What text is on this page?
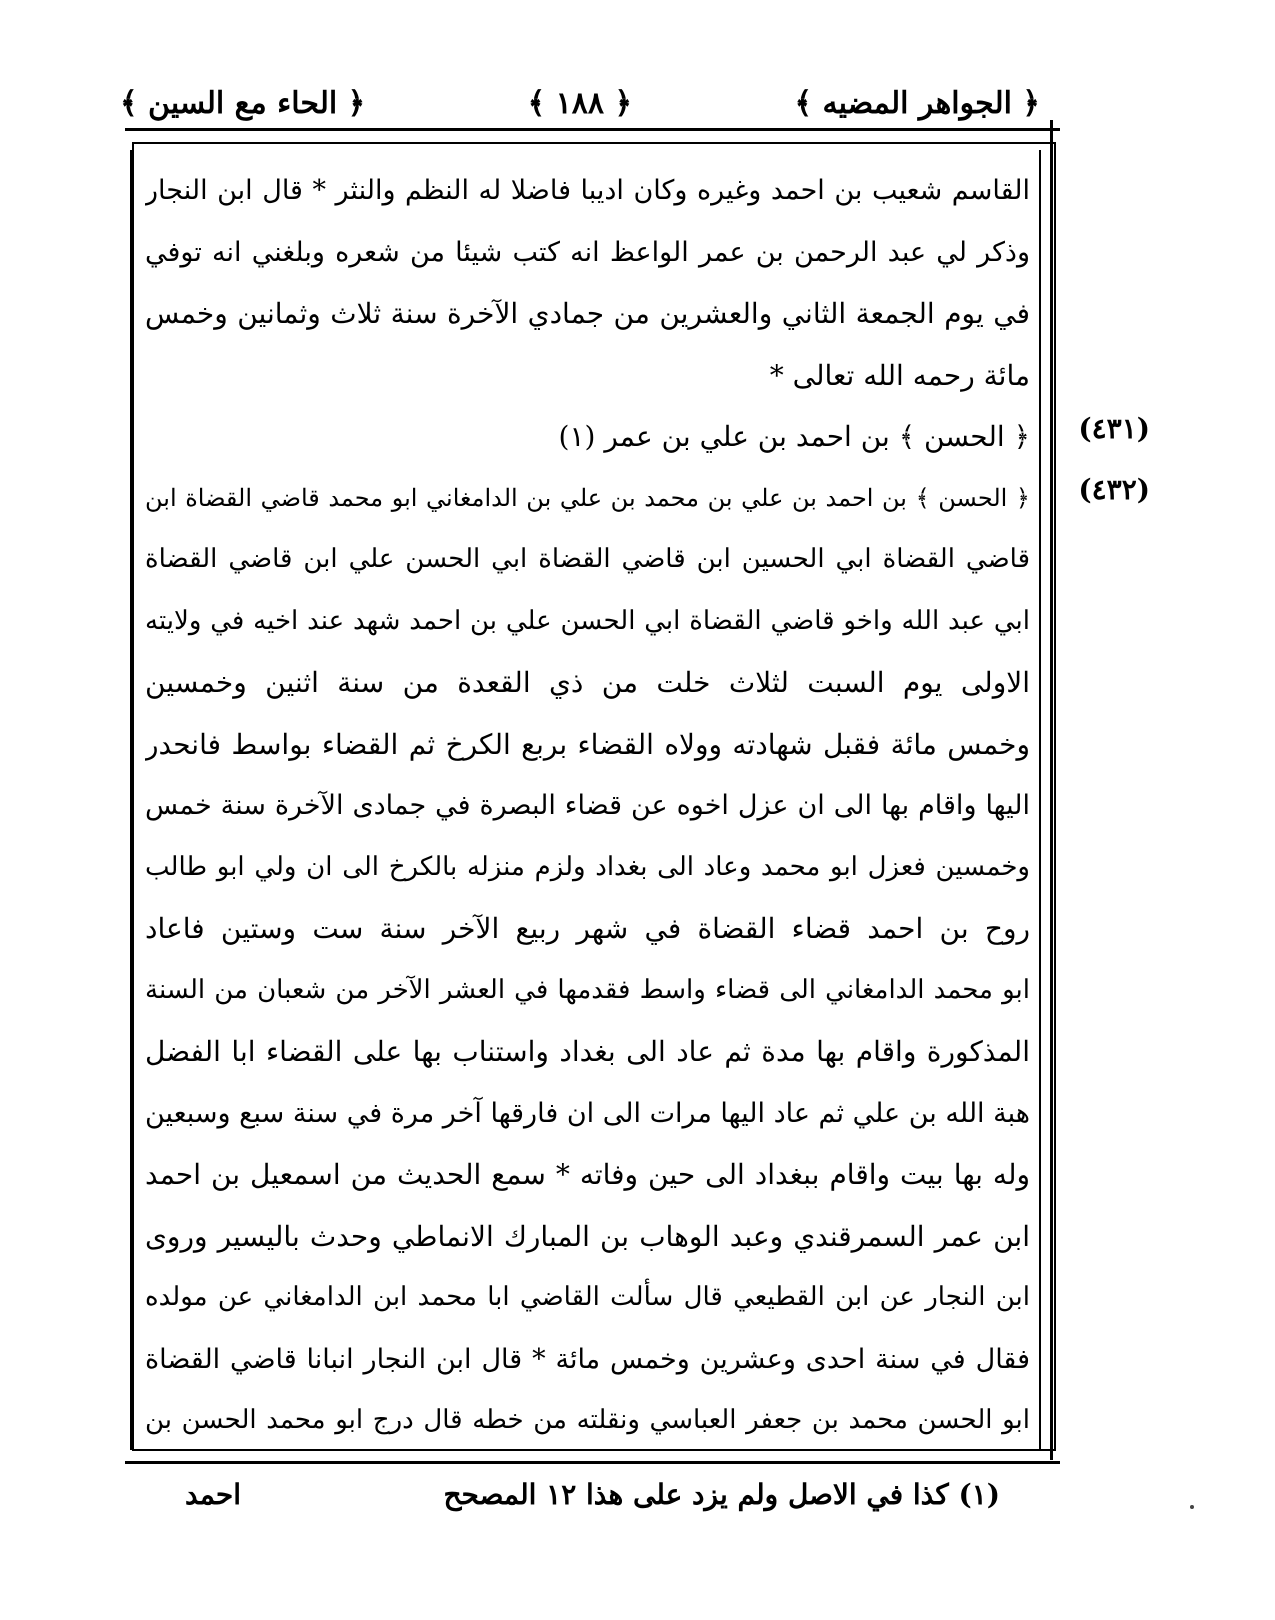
﴿ الجواهر المضيه ﴾
﴿ ١٨٨ ﴾
﴿ الحاء مع السين ﴾
(٤٣١)
(٤٣٢)
القاسم شعيب بن احمد وغيره وكان اديبا فاضلا له النظم والنثر * قال ابن النجار
وذكر لي عبد الرحمن بن عمر الواعظ انه كتب شيئا من شعره وبلغني انه توفي
في يوم الجمعة الثاني والعشرين من جمادي الآخرة سنة ثلاث وثمانين وخمس
مائة رحمه الله تعالى *
﴿ الحسن ﴾ بن احمد بن علي بن عمر (١)
﴿ الحسن ﴾ بن احمد بن علي بن محمد بن علي بن الدامغاني ابو محمد قاضي القضاة ابن
قاضي القضاة ابي الحسين ابن قاضي القضاة ابي الحسن علي ابن قاضي القضاة
ابي عبد الله واخو قاضي القضاة ابي الحسن علي بن احمد شهد عند اخيه في ولايته
الاولى يوم السبت لثلاث خلت من ذي القعدة من سنة اثنين وخمسين
وخمس مائة فقبل شهادته وولاه القضاء بربع الكرخ ثم القضاء بواسط فانحدر
اليها واقام بها الى ان عزل اخوه عن قضاء البصرة في جمادى الآخرة سنة خمس
وخمسين فعزل ابو محمد وعاد الى بغداد ولزم منزله بالكرخ الى ان ولي ابو طالب
روح بن احمد قضاء القضاة في شهر ربيع الآخر سنة ست وستين فاعاد
ابو محمد الدامغاني الى قضاء واسط فقدمها في العشر الآخر من شعبان من السنة
المذكورة واقام بها مدة ثم عاد الى بغداد واستناب بها على القضاء ابا الفضل
هبة الله بن علي ثم عاد اليها مرات الى ان فارقها آخر مرة في سنة سبع وسبعين
وله بها بيت واقام ببغداد الى حين وفاته * سمع الحديث من اسمعيل بن احمد
ابن عمر السمرقندي وعبد الوهاب بن المبارك الانماطي وحدث باليسير وروى
ابن النجار عن ابن القطيعي قال سألت القاضي ابا محمد ابن الدامغاني عن مولده
فقال في سنة احدى وعشرين وخمس مائة * قال ابن النجار انبانا قاضي القضاة
ابو الحسن محمد بن جعفر العباسي ونقلته من خطه قال درج ابو محمد الحسن بن
(١) كذا في الاصل ولم يزد على هذا ١٢ المصحح
احمد
